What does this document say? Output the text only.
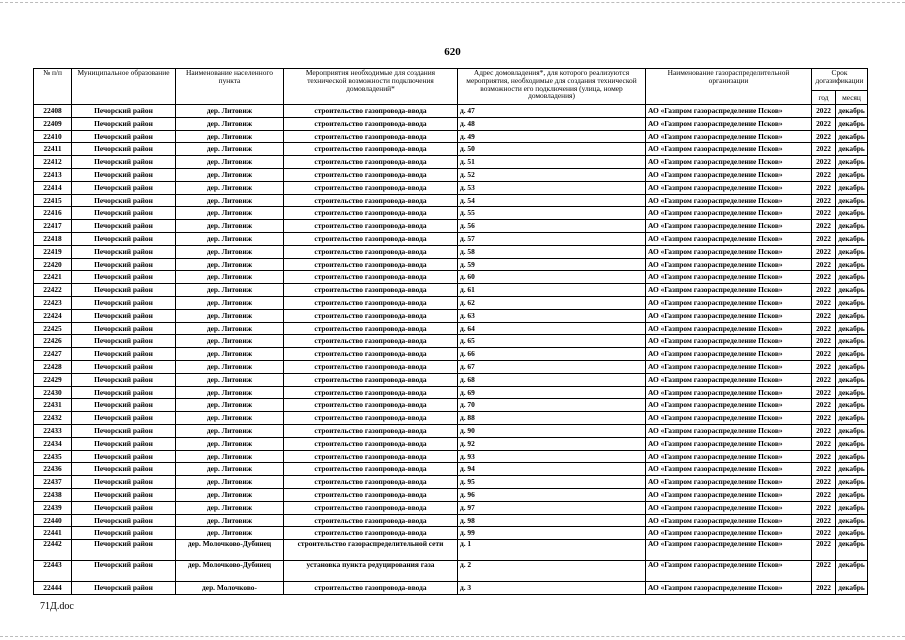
620
№ п/п	Муниципальное образование	Наименование населенного пункта	Мероприятия необходимые для создания технической возможности подключения домовладений*	Адрес домовладения*, для которого реализуются мероприятия, необходимые для создания технической возможности его подключения (улица, номер домовладения)	Наименование газораспределительной организации	Срок догазификации	
						год	месяц
22408	Печорский район	дер. Литовиж	строительство газопровода-ввода	д. 47	АО «Газпром газораспределение Псков»	2022	декабрь
22409	Печорский район	дер. Литовиж	строительство газопровода-ввода	д. 48	АО «Газпром газораспределение Псков»	2022	декабрь
22410	Печорский район	дер. Литовиж	строительство газопровода-ввода	д. 49	АО «Газпром газораспределение Псков»	2022	декабрь
22411	Печорский район	дер. Литовиж	строительство газопровода-ввода	д. 50	АО «Газпром газораспределение Псков»	2022	декабрь
22412	Печорский район	дер. Литовиж	строительство газопровода-ввода	д. 51	АО «Газпром газораспределение Псков»	2022	декабрь
22413	Печорский район	дер. Литовиж	строительство газопровода-ввода	д. 52	АО «Газпром газораспределение Псков»	2022	декабрь
22414	Печорский район	дер. Литовиж	строительство газопровода-ввода	д. 53	АО «Газпром газораспределение Псков»	2022	декабрь
22415	Печорский район	дер. Литовиж	строительство газопровода-ввода	д. 54	АО «Газпром газораспределение Псков»	2022	декабрь
22416	Печорский район	дер. Литовиж	строительство газопровода-ввода	д. 55	АО «Газпром газораспределение Псков»	2022	декабрь
22417	Печорский район	дер. Литовиж	строительство газопровода-ввода	д. 56	АО «Газпром газораспределение Псков»	2022	декабрь
22418	Печорский район	дер. Литовиж	строительство газопровода-ввода	д. 57	АО «Газпром газораспределение Псков»	2022	декабрь
22419	Печорский район	дер. Литовиж	строительство газопровода-ввода	д. 58	АО «Газпром газораспределение Псков»	2022	декабрь
22420	Печорский район	дер. Литовиж	строительство газопровода-ввода	д. 59	АО «Газпром газораспределение Псков»	2022	декабрь
22421	Печорский район	дер. Литовиж	строительство газопровода-ввода	д. 60	АО «Газпром газораспределение Псков»	2022	декабрь
22422	Печорский район	дер. Литовиж	строительство газопровода-ввода	д. 61	АО «Газпром газораспределение Псков»	2022	декабрь
22423	Печорский район	дер. Литовиж	строительство газопровода-ввода	д. 62	АО «Газпром газораспределение Псков»	2022	декабрь
22424	Печорский район	дер. Литовиж	строительство газопровода-ввода	д. 63	АО «Газпром газораспределение Псков»	2022	декабрь
22425	Печорский район	дер. Литовиж	строительство газопровода-ввода	д. 64	АО «Газпром газораспределение Псков»	2022	декабрь
22426	Печорский район	дер. Литовиж	строительство газопровода-ввода	д. 65	АО «Газпром газораспределение Псков»	2022	декабрь
22427	Печорский район	дер. Литовиж	строительство газопровода-ввода	д. 66	АО «Газпром газораспределение Псков»	2022	декабрь
22428	Печорский район	дер. Литовиж	строительство газопровода-ввода	д. 67	АО «Газпром газораспределение Псков»	2022	декабрь
22429	Печорский район	дер. Литовиж	строительство газопровода-ввода	д. 68	АО «Газпром газораспределение Псков»	2022	декабрь
22430	Печорский район	дер. Литовиж	строительство газопровода-ввода	д. 69	АО «Газпром газораспределение Псков»	2022	декабрь
22431	Печорский район	дер. Литовиж	строительство газопровода-ввода	д. 70	АО «Газпром газораспределение Псков»	2022	декабрь
22432	Печорский район	дер. Литовиж	строительство газопровода-ввода	д. 88	АО «Газпром газораспределение Псков»	2022	декабрь
22433	Печорский район	дер. Литовиж	строительство газопровода-ввода	д. 90	АО «Газпром газораспределение Псков»	2022	декабрь
22434	Печорский район	дер. Литовиж	строительство газопровода-ввода	д. 92	АО «Газпром газораспределение Псков»	2022	декабрь
22435	Печорский район	дер. Литовиж	строительство газопровода-ввода	д. 93	АО «Газпром газораспределение Псков»	2022	декабрь
22436	Печорский район	дер. Литовиж	строительство газопровода-ввода	д. 94	АО «Газпром газораспределение Псков»	2022	декабрь
22437	Печорский район	дер. Литовиж	строительство газопровода-ввода	д. 95	АО «Газпром газораспределение Псков»	2022	декабрь
22438	Печорский район	дер. Литовиж	строительство газопровода-ввода	д. 96	АО «Газпром газораспределение Псков»	2022	декабрь
22439	Печорский район	дер. Литовиж	строительство газопровода-ввода	д. 97	АО «Газпром газораспределение Псков»	2022	декабрь
22440	Печорский район	дер. Литовиж	строительство газопровода-ввода	д. 98	АО «Газпром газораспределение Псков»	2022	декабрь
22441	Печорский район	дер. Литовиж	строительство газопровода-ввода	д. 99	АО «Газпром газораспределение Псков»	2022	декабрь
22442	Печорский район	дер. Молочково-Дубинец	строительство газораспределительной сети	д. 1	АО «Газпром газораспределение Псков»	2022	декабрь
22443	Печорский район	дер. Молочково-Дубинец	установка пункта редуцирования газа	д. 2	АО «Газпром газораспределение Псков»	2022	декабрь
22444	Печорский район	дер. Молочково-	строительство газопровода-ввода	д. 3	АО «Газпром газораспределение Псков»	2022	декабрь
71Д.doc
